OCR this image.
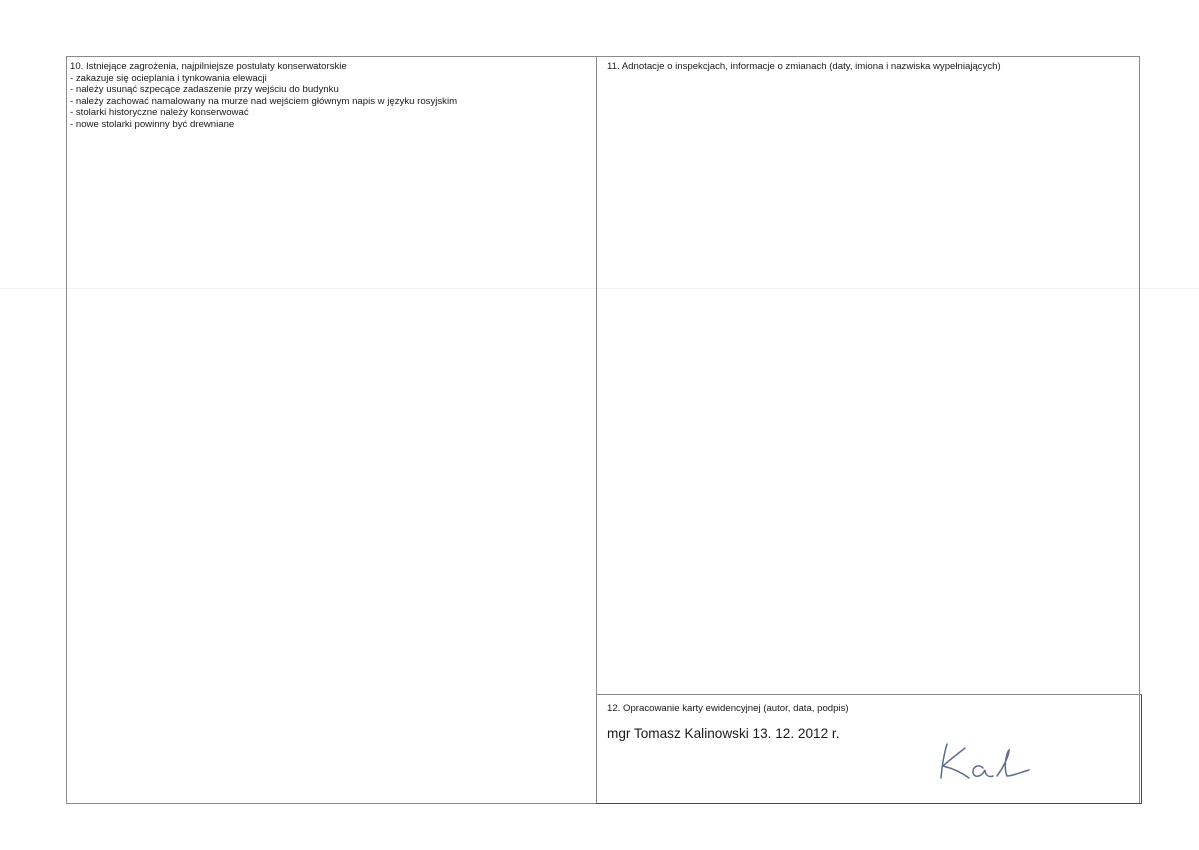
10. Istniejące zagrożenia, najpilniejsze postulaty konserwatorskie
- zakazuje się ocieplania i tynkowania elewacji
- należy usunąć szpecące zadaszenie przy wejściu do budynku
- należy zachować namalowany na murze nad wejściem głównym napis w języku rosyjskim
- stolarki historyczne należy konserwować
- nowe stolarki powinny być drewniane
11. Adnotacje o inspekcjach, informacje o zmianach (daty, imiona i nazwiska wypełniających)
12. Opracowanie karty ewidencyjnej (autor, data, podpis)
mgr Tomasz Kalinowski 13. 12. 2012 r.
